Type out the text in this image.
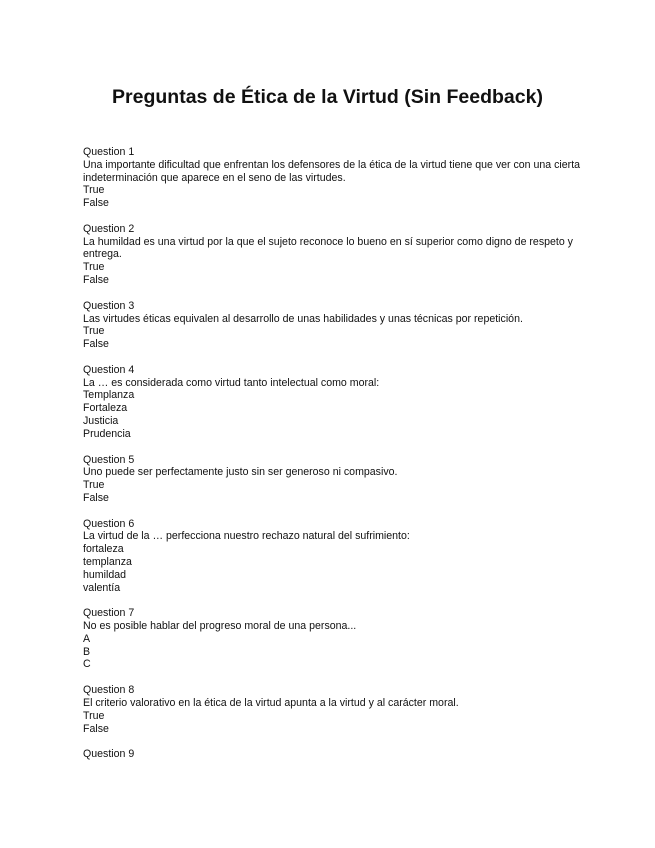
Preguntas de Ética de la Virtud (Sin Feedback)
Question 1
Una importante dificultad que enfrentan los defensores de la ética de la virtud tiene que ver con una cierta indeterminación que aparece en el seno de las virtudes.
True
False
Question 2
La humildad es una virtud por la que el sujeto reconoce lo bueno en sí superior como digno de respeto y entrega.
True
False
Question 3
Las virtudes éticas equivalen al desarrollo de unas habilidades y unas técnicas por repetición.
True
False
Question 4
La … es considerada como virtud tanto intelectual como moral:
Templanza
Fortaleza
Justicia
Prudencia
Question 5
Uno puede ser perfectamente justo sin ser generoso ni compasivo.
True
False
Question 6
La virtud de la … perfecciona nuestro rechazo natural del sufrimiento:
fortaleza
templanza
humildad
valentía
Question 7
No es posible hablar del progreso moral de una persona...
A
B
C
Question 8
El criterio valorativo en la ética de la virtud apunta a la virtud y al carácter moral.
True
False
Question 9
